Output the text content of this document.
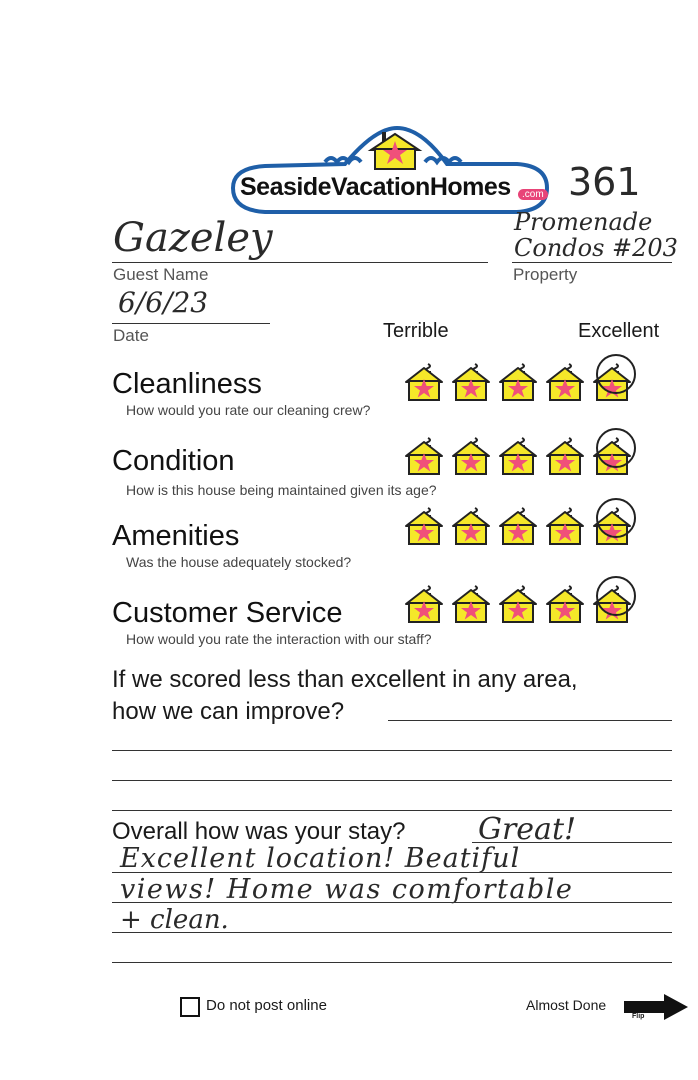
SeasideVacationHomes	.com 361
Gazeley
Guest Name
Promenade
Condos #203
Property
6/6/23
Date	Terrible	Excellent
Cleanliness
How would you rate our cleaning crew?
Condition
How is this house being maintained given its age?
Amenities
Was the house adequately stocked?
Customer Service
How would you rate the interaction with our staff?
If we scored less than excellent in any area,
how we can improve?
Overall how was your stay? Great!
Excellent location! Beatiful
views! Home was comfortable
+ clean.
Do not post online	Almost Done
Flip
